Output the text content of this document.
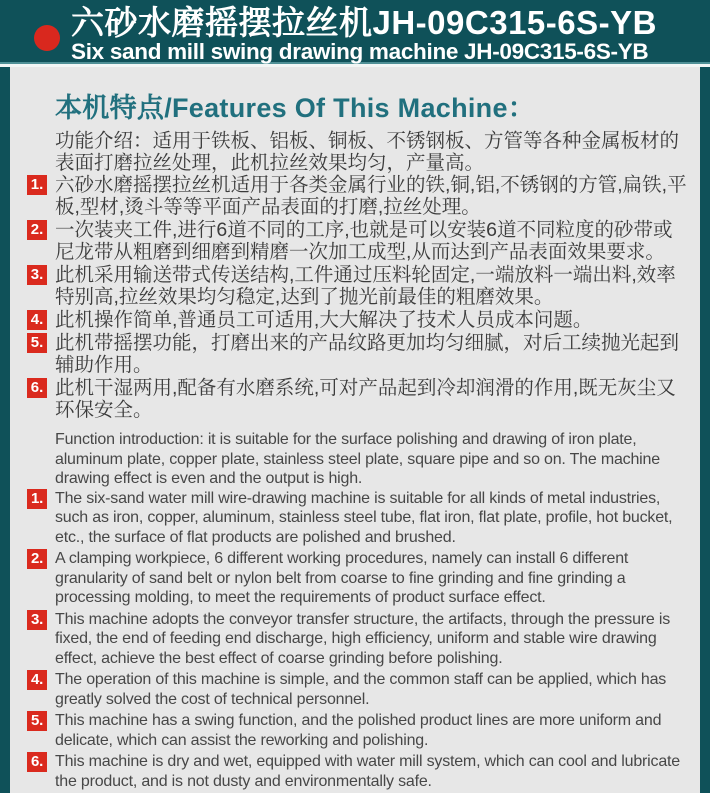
六砂水磨摇摆拉丝机JH-09C315-6S-YB
Six sand mill swing drawing machine JH-09C315-6S-YB
本机特点/Features Of This Machine：

功能介绍：适用于铁板、铝板、铜板、不锈钢板、方管等各种金属板材的表面打磨拉丝处理，此机拉丝效果均匀，产量高。

1. 六砂水磨摇摆拉丝机适用于各类金属行业的铁,铜,铝,不锈钢的方管,扁铁,平板,型材,烫斗等等平面产品表面的打磨,拉丝处理。
2. 一次装夹工件,进行6道不同的工序,也就是可以安装6道不同粒度的砂带或尼龙带从粗磨到细磨到精磨一次加工成型,从而达到产品表面效果要求。
3. 此机采用输送带式传送结构,工件通过压料轮固定,一端放料一端出料,效率特别高,拉丝效果均匀稳定,达到了抛光前最佳的粗磨效果。
4. 此机操作简单,普通员工可适用,大大解决了技术人员成本问题。
5. 此机带摇摆功能，打磨出来的产品纹路更加均匀细腻，对后工续抛光起到辅助作用。
6. 此机干湿两用,配备有水磨系统,可对产品起到冷却润滑的作用,既无灰尘又环保安全。

Function introduction: it is suitable for the surface polishing and drawing of iron plate, aluminum plate, copper plate, stainless steel plate, square pipe and so on. The machine drawing effect is even and the output is high.

1. The six-sand water mill wire-drawing machine is suitable for all kinds of metal industries, such as iron, copper, aluminum, stainless steel tube, flat iron, flat plate, profile, hot bucket, etc., the surface of flat products are polished and brushed.
2. A clamping workpiece, 6 different working procedures, namely can install 6 different granularity of sand belt or nylon belt from coarse to fine grinding and fine grinding a processing molding, to meet the requirements of product surface effect.
3. This machine adopts the conveyor transfer structure, the artifacts, through the pressure is fixed, the end of feeding end discharge, high efficiency, uniform and stable wire drawing effect, achieve the best effect of coarse grinding before polishing.
4. The operation of this machine is simple, and the common staff can be applied, which has greatly solved the cost of technical personnel.
5. This machine has a swing function, and the polished product lines are more uniform and delicate, which can assist the reworking and polishing.
6. This machine is dry and wet, equipped with water mill system, which can cool and lubricate the product, and is not dusty and environmentally safe.
